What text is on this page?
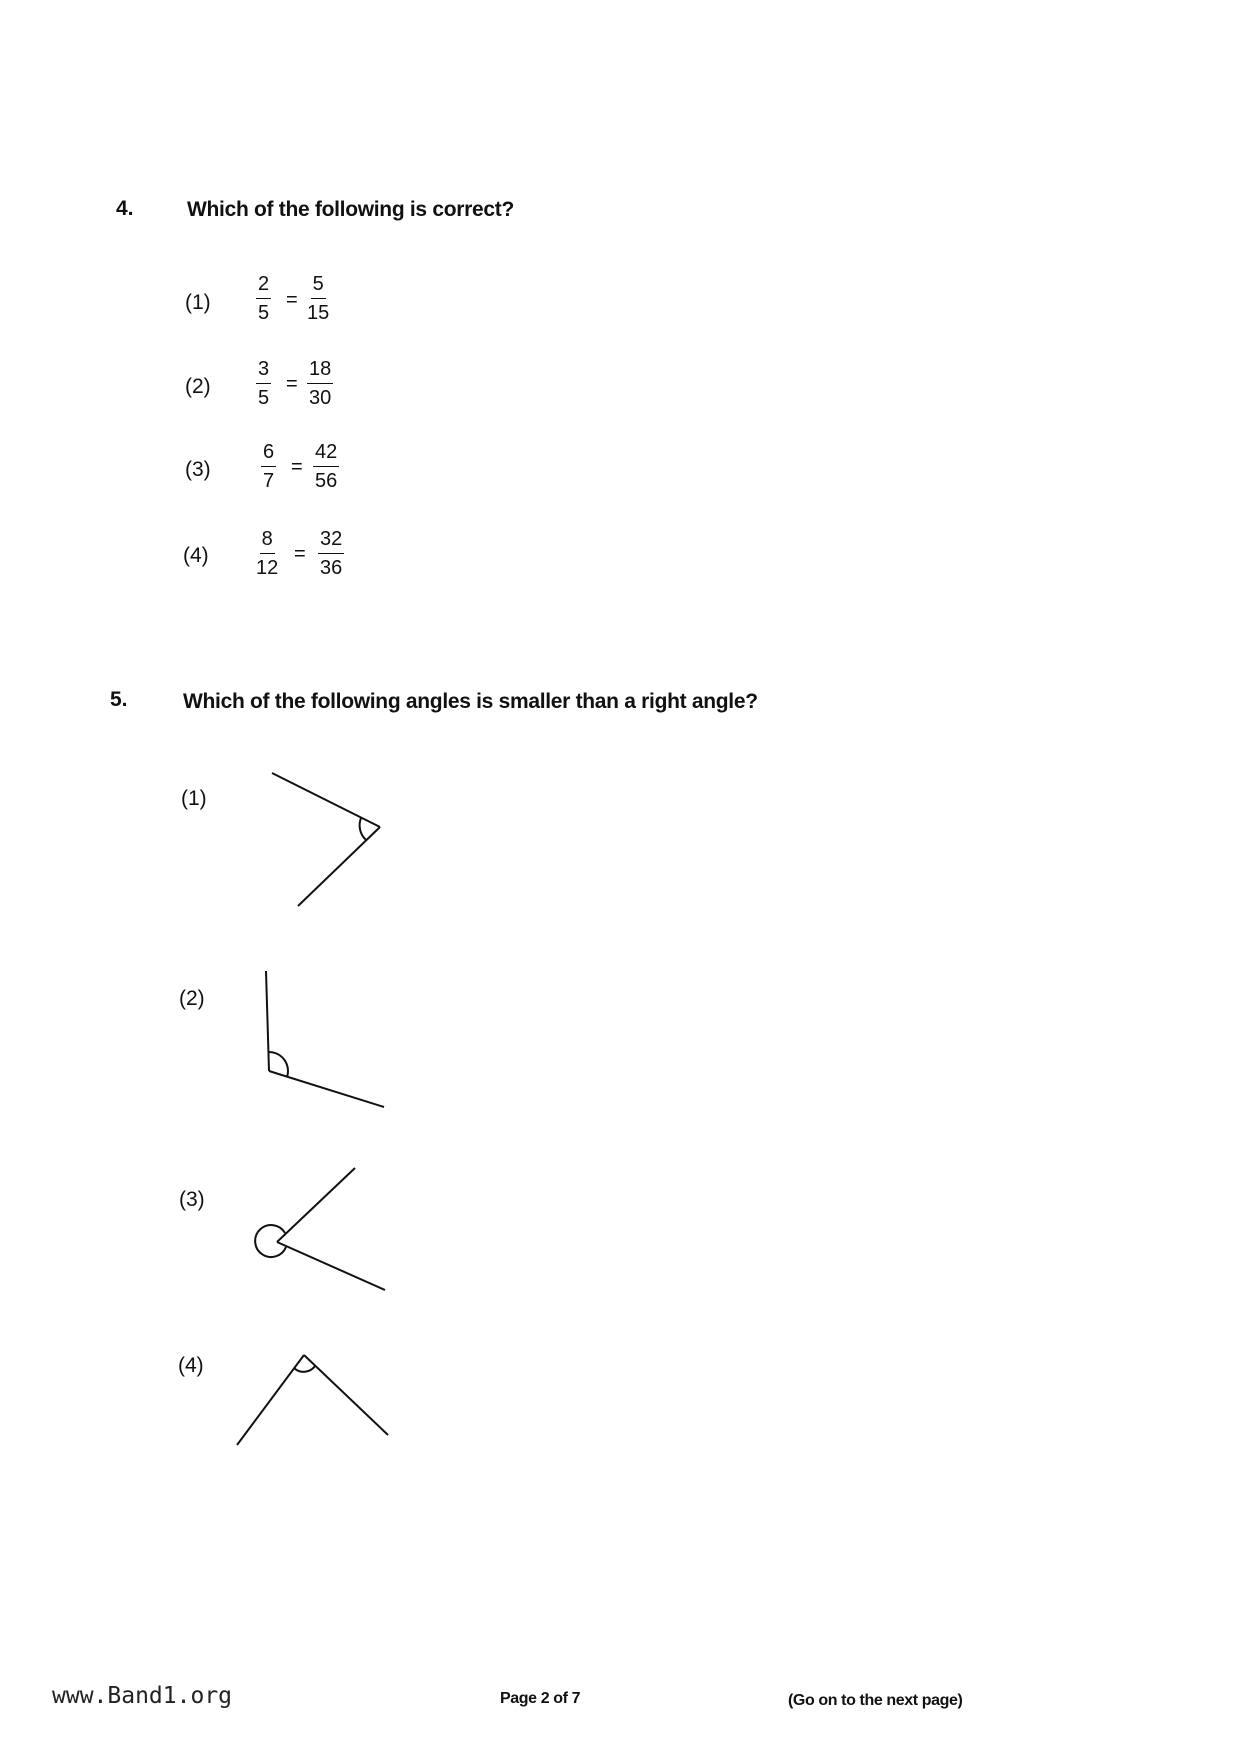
4.	Which of the following is correct?
$(1) \frac{2}{5} = \frac{5}{15}$
$(2) \frac{3}{5} = \frac{18}{30}$
(3)	$\frac{6}{7} = \frac{42}{56}$
$(4) \frac{8}{12} = \frac{32}{36}$
5.	Which of the following angles is smaller than a right angle?
(1)
(2)
(3)
(4)
www.Band1.org	Page 2 of 7	(Go on to the next page)
